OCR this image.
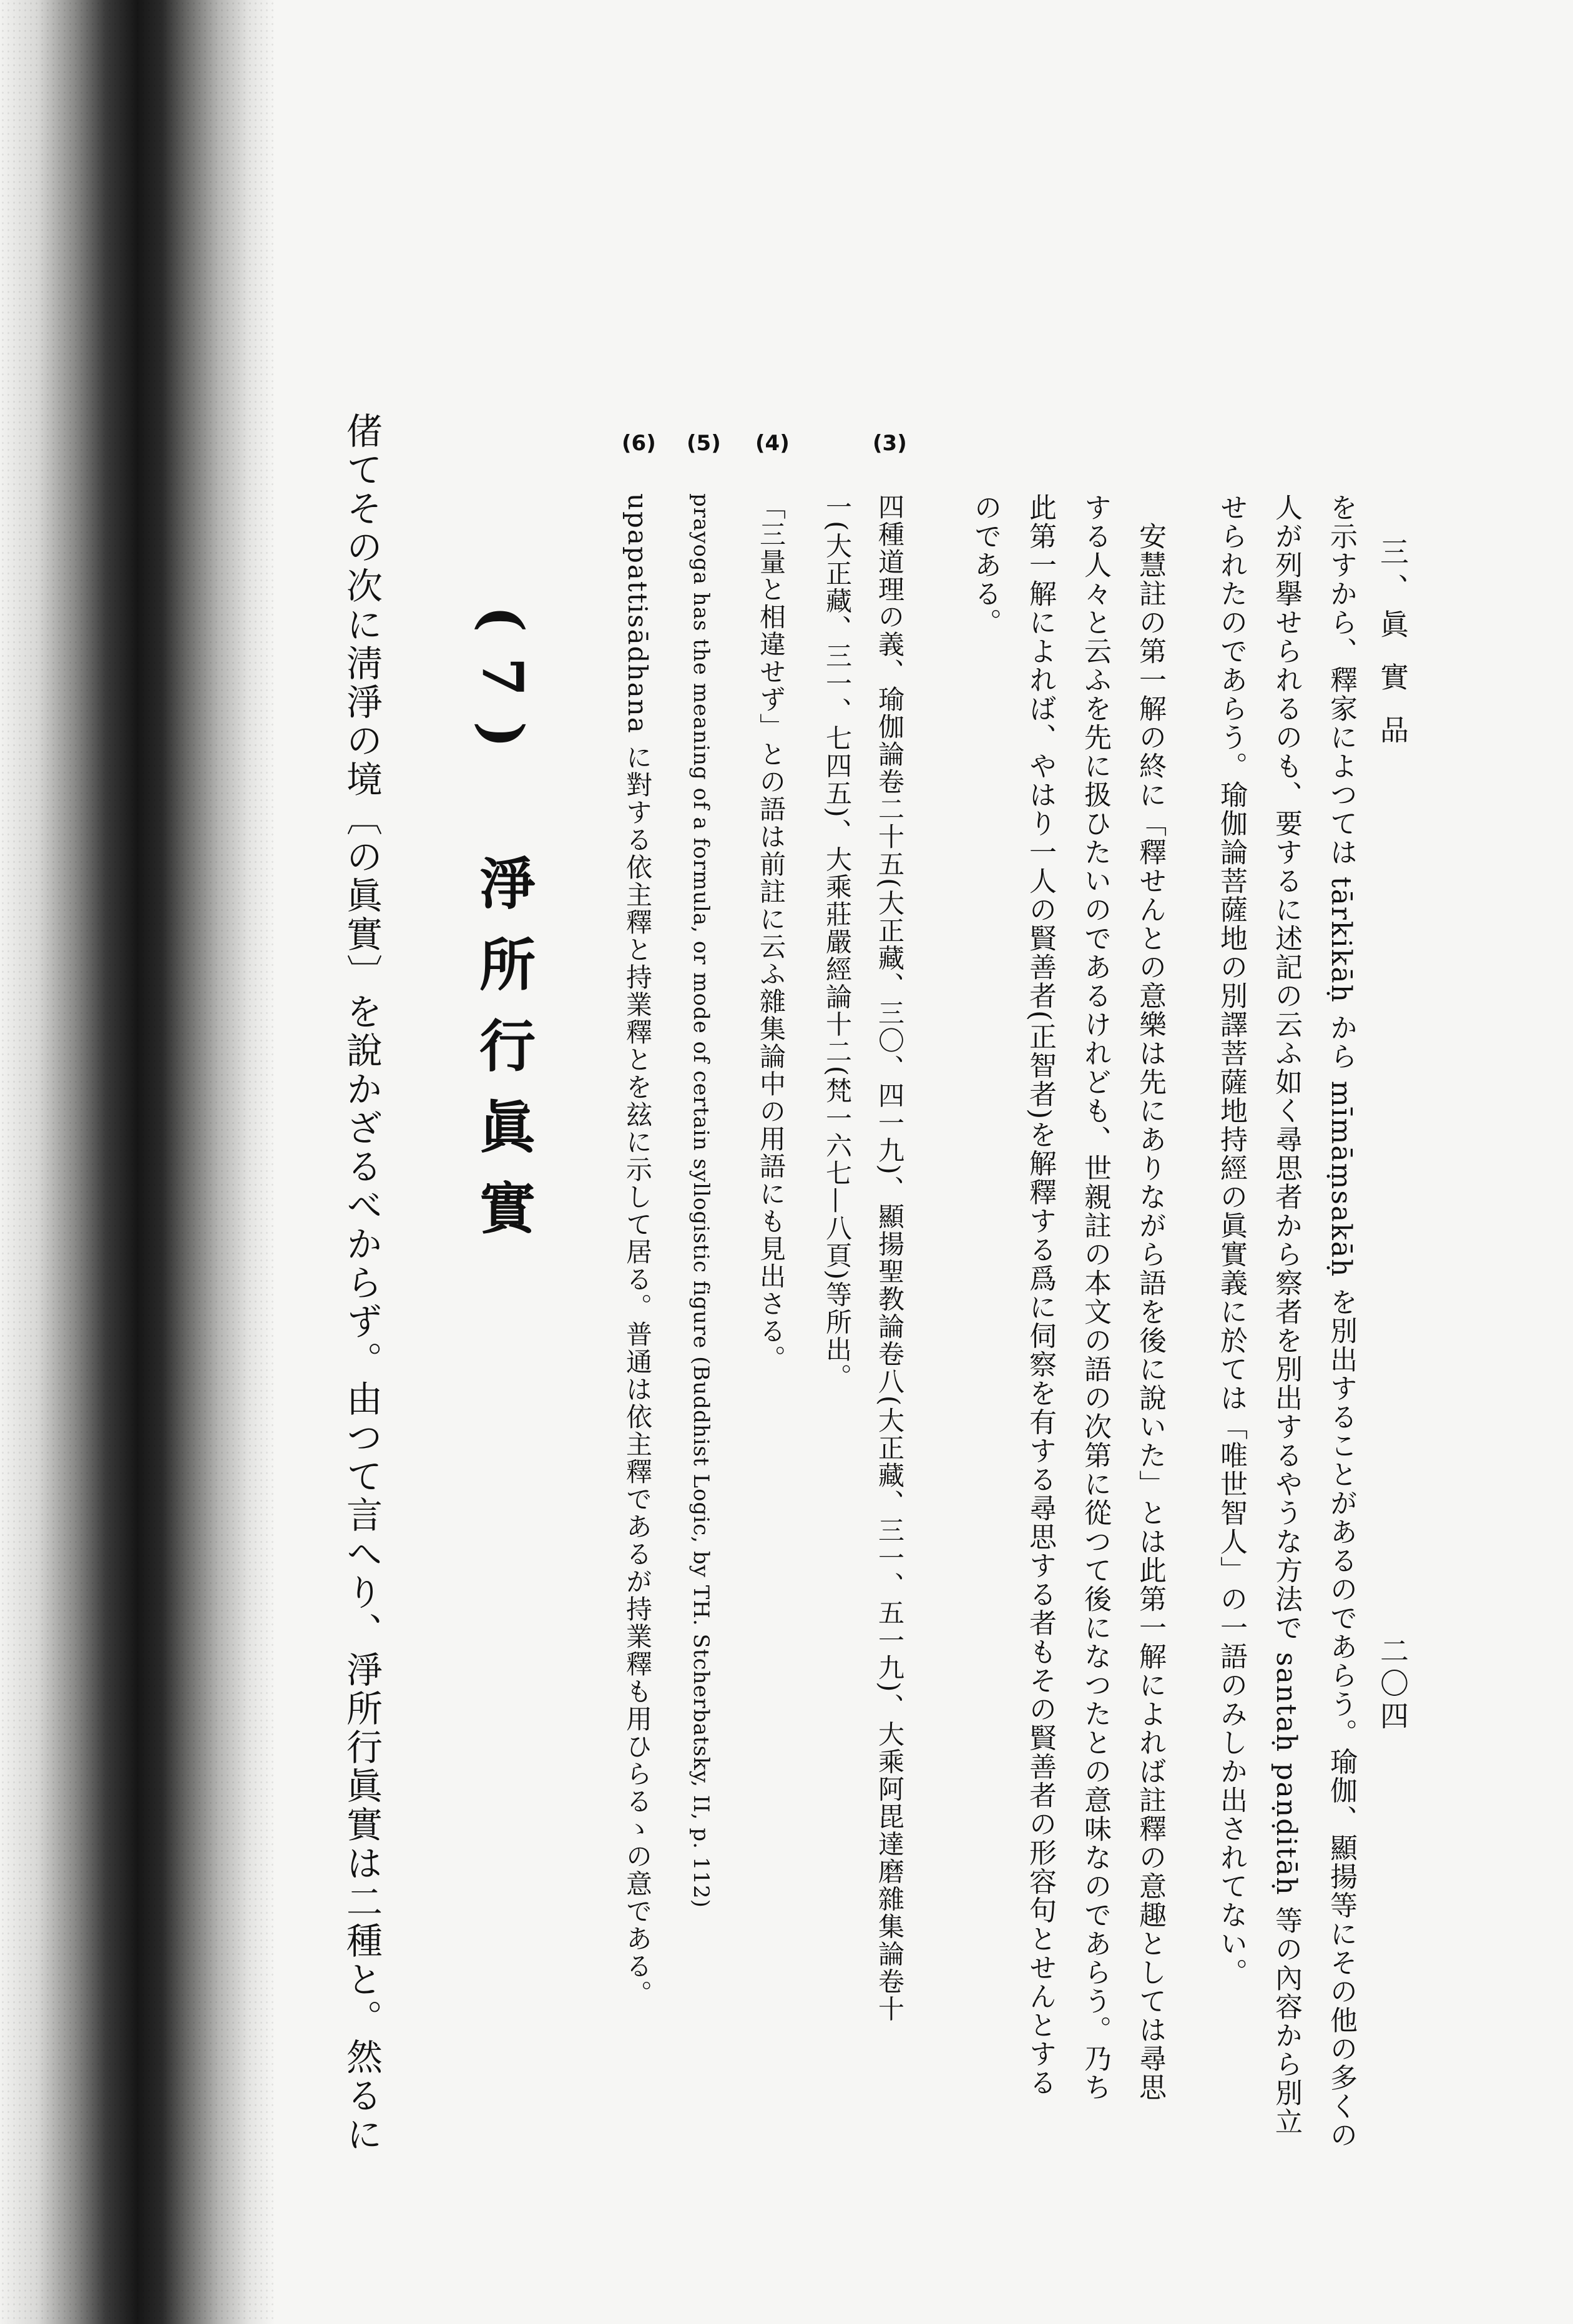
三、眞 實 品
二〇四
を示すから、釋家によつては tārkikāḥ から mīmāṃsakāḥ を別出することがあるのであらう。瑜伽、顯揚等にその他の多くの
人が列擧せられるのも、要するに述記の云ふ如く尋思者から察者を別出するやうな方法で santaḥ paṇḍitāḥ 等の內容から別立
せられたのであらう。瑜伽論菩薩地の別譯菩薩地持經の眞實義に於ては「唯世智人」の一語のみしか出されてない。
　安慧註の第一解の終に「釋せんとの意樂は先にありながら語を後に說いた」とは此第一解によれば註釋の意趣としては尋思
する人々と云ふを先に扱ひたいのであるけれども、世親註の本文の語の次第に從つて後になつたとの意味なのであらう。乃ち
此第一解によれば、やはり一人の賢善者(正智者)を解釋する爲に伺察を有する尋思する者もその賢善者の形容句とせんとする
のである。
(3)
四種道理の義、瑜伽論卷二十五(大正藏、三〇、四一九)、顯揚聖教論卷八(大正藏、三一、五一九)、大乘阿毘達磨雜集論卷十
一(大正藏、三一、七四五)、大乘莊嚴經論十二(梵一六七—八頁)等所出。
(4)
「三量と相違せず」との語は前註に云ふ雜集論中の用語にも見出さる。
(5)
prayoga has the meaning of a formula, or mode of certain syllogistic figure (Buddhist Logic, by TH. Stcherbatsky, II, p. 112)
(6)
upapattisādhana に對する依主釋と持業釋とを玆に示して居る。普通は依主釋であるが持業釋も用ひらるゝの意である。
(7)　淨所行眞實
偖てその次に淸淨の境〔の眞實〕を說かざるべからず。由つて言へり、淨所行眞實は二種と。然るに
